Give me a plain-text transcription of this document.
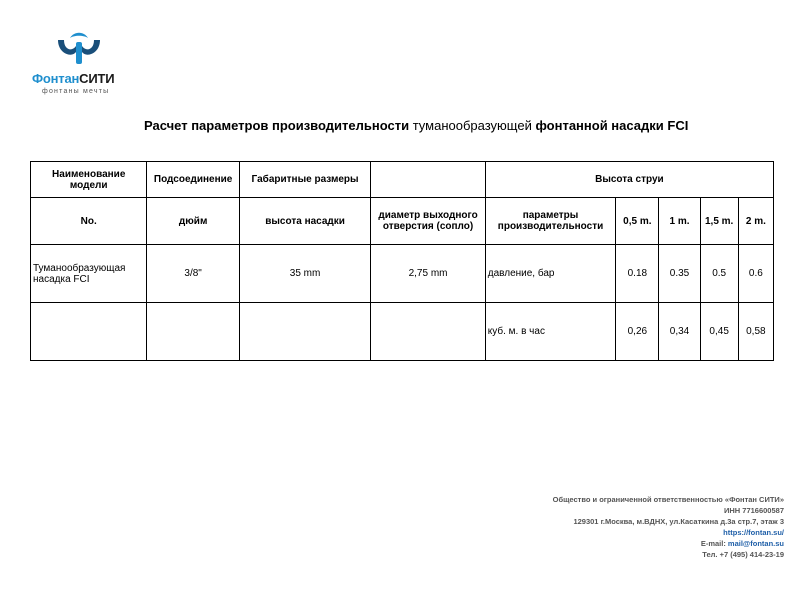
ФонтанСИТИ
фонтаны мечты
Расчет параметров производительности туманообразующей фонтанной насадки FCI
Наименование модели	Подсоединение	Габаритные размеры		Высота струи				
No.	дюйм	высота насадки	диаметр выходного отверстия (сопло)	параметры производительности	0,5 m.	1 m.	1,5 m.	2 m.
Туманообразующая насадка FCI	3/8"	35 mm	2,75 mm	давление, бар	0.18	0.35	0.5	0.6
				куб. м. в час	0,26	0,34	0,45	0,58
Общество и ограниченной ответственностью «Фонтан СИТИ»
ИНН 7716600587
129301 г.Москва, м.ВДНХ, ул.Касаткина д.3а стр.7, этаж 3
https://fontan.su/
E-mail: mail@fontan.su
Тел. +7 (495) 414-23-19
